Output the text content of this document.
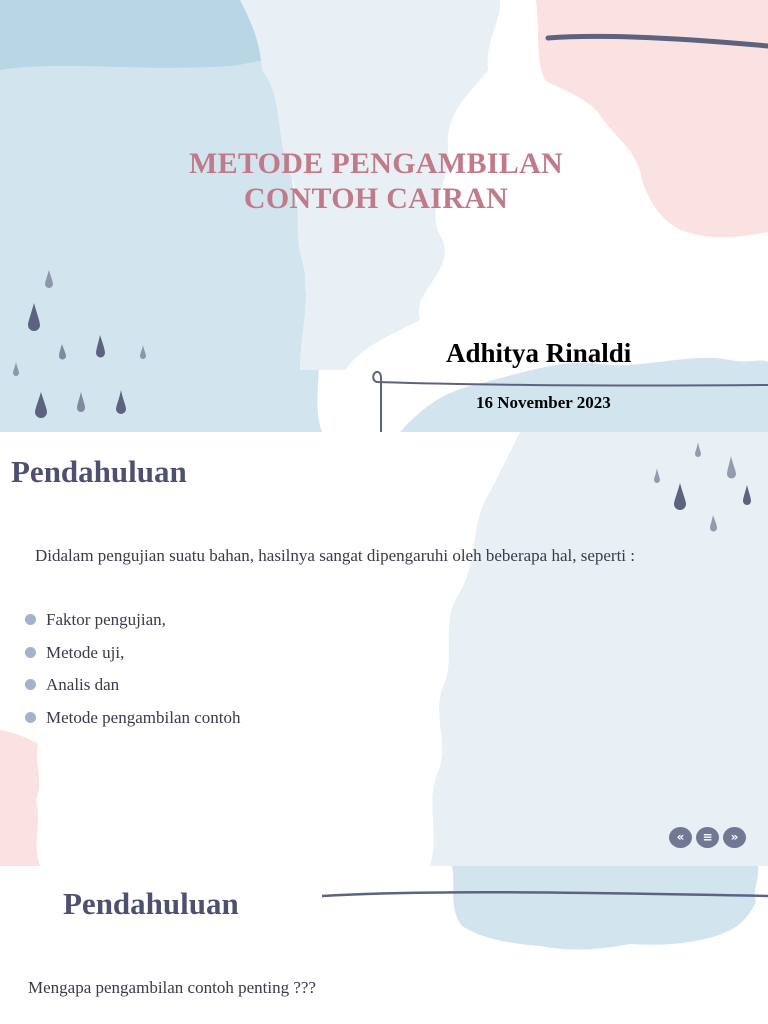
METODE PENGAMBILAN
CONTOH CAIRAN
Adhitya Rinaldi
16 November 2023
Pendahuluan
Didalam pengujian suatu bahan, hasilnya sangat dipengaruhi oleh beberapa hal, seperti :
Faktor pengujian,
Metode uji,
Analis dan
Metode pengambilan contoh
«	≡	»
Pendahuluan
Mengapa pengambilan contoh penting ???
